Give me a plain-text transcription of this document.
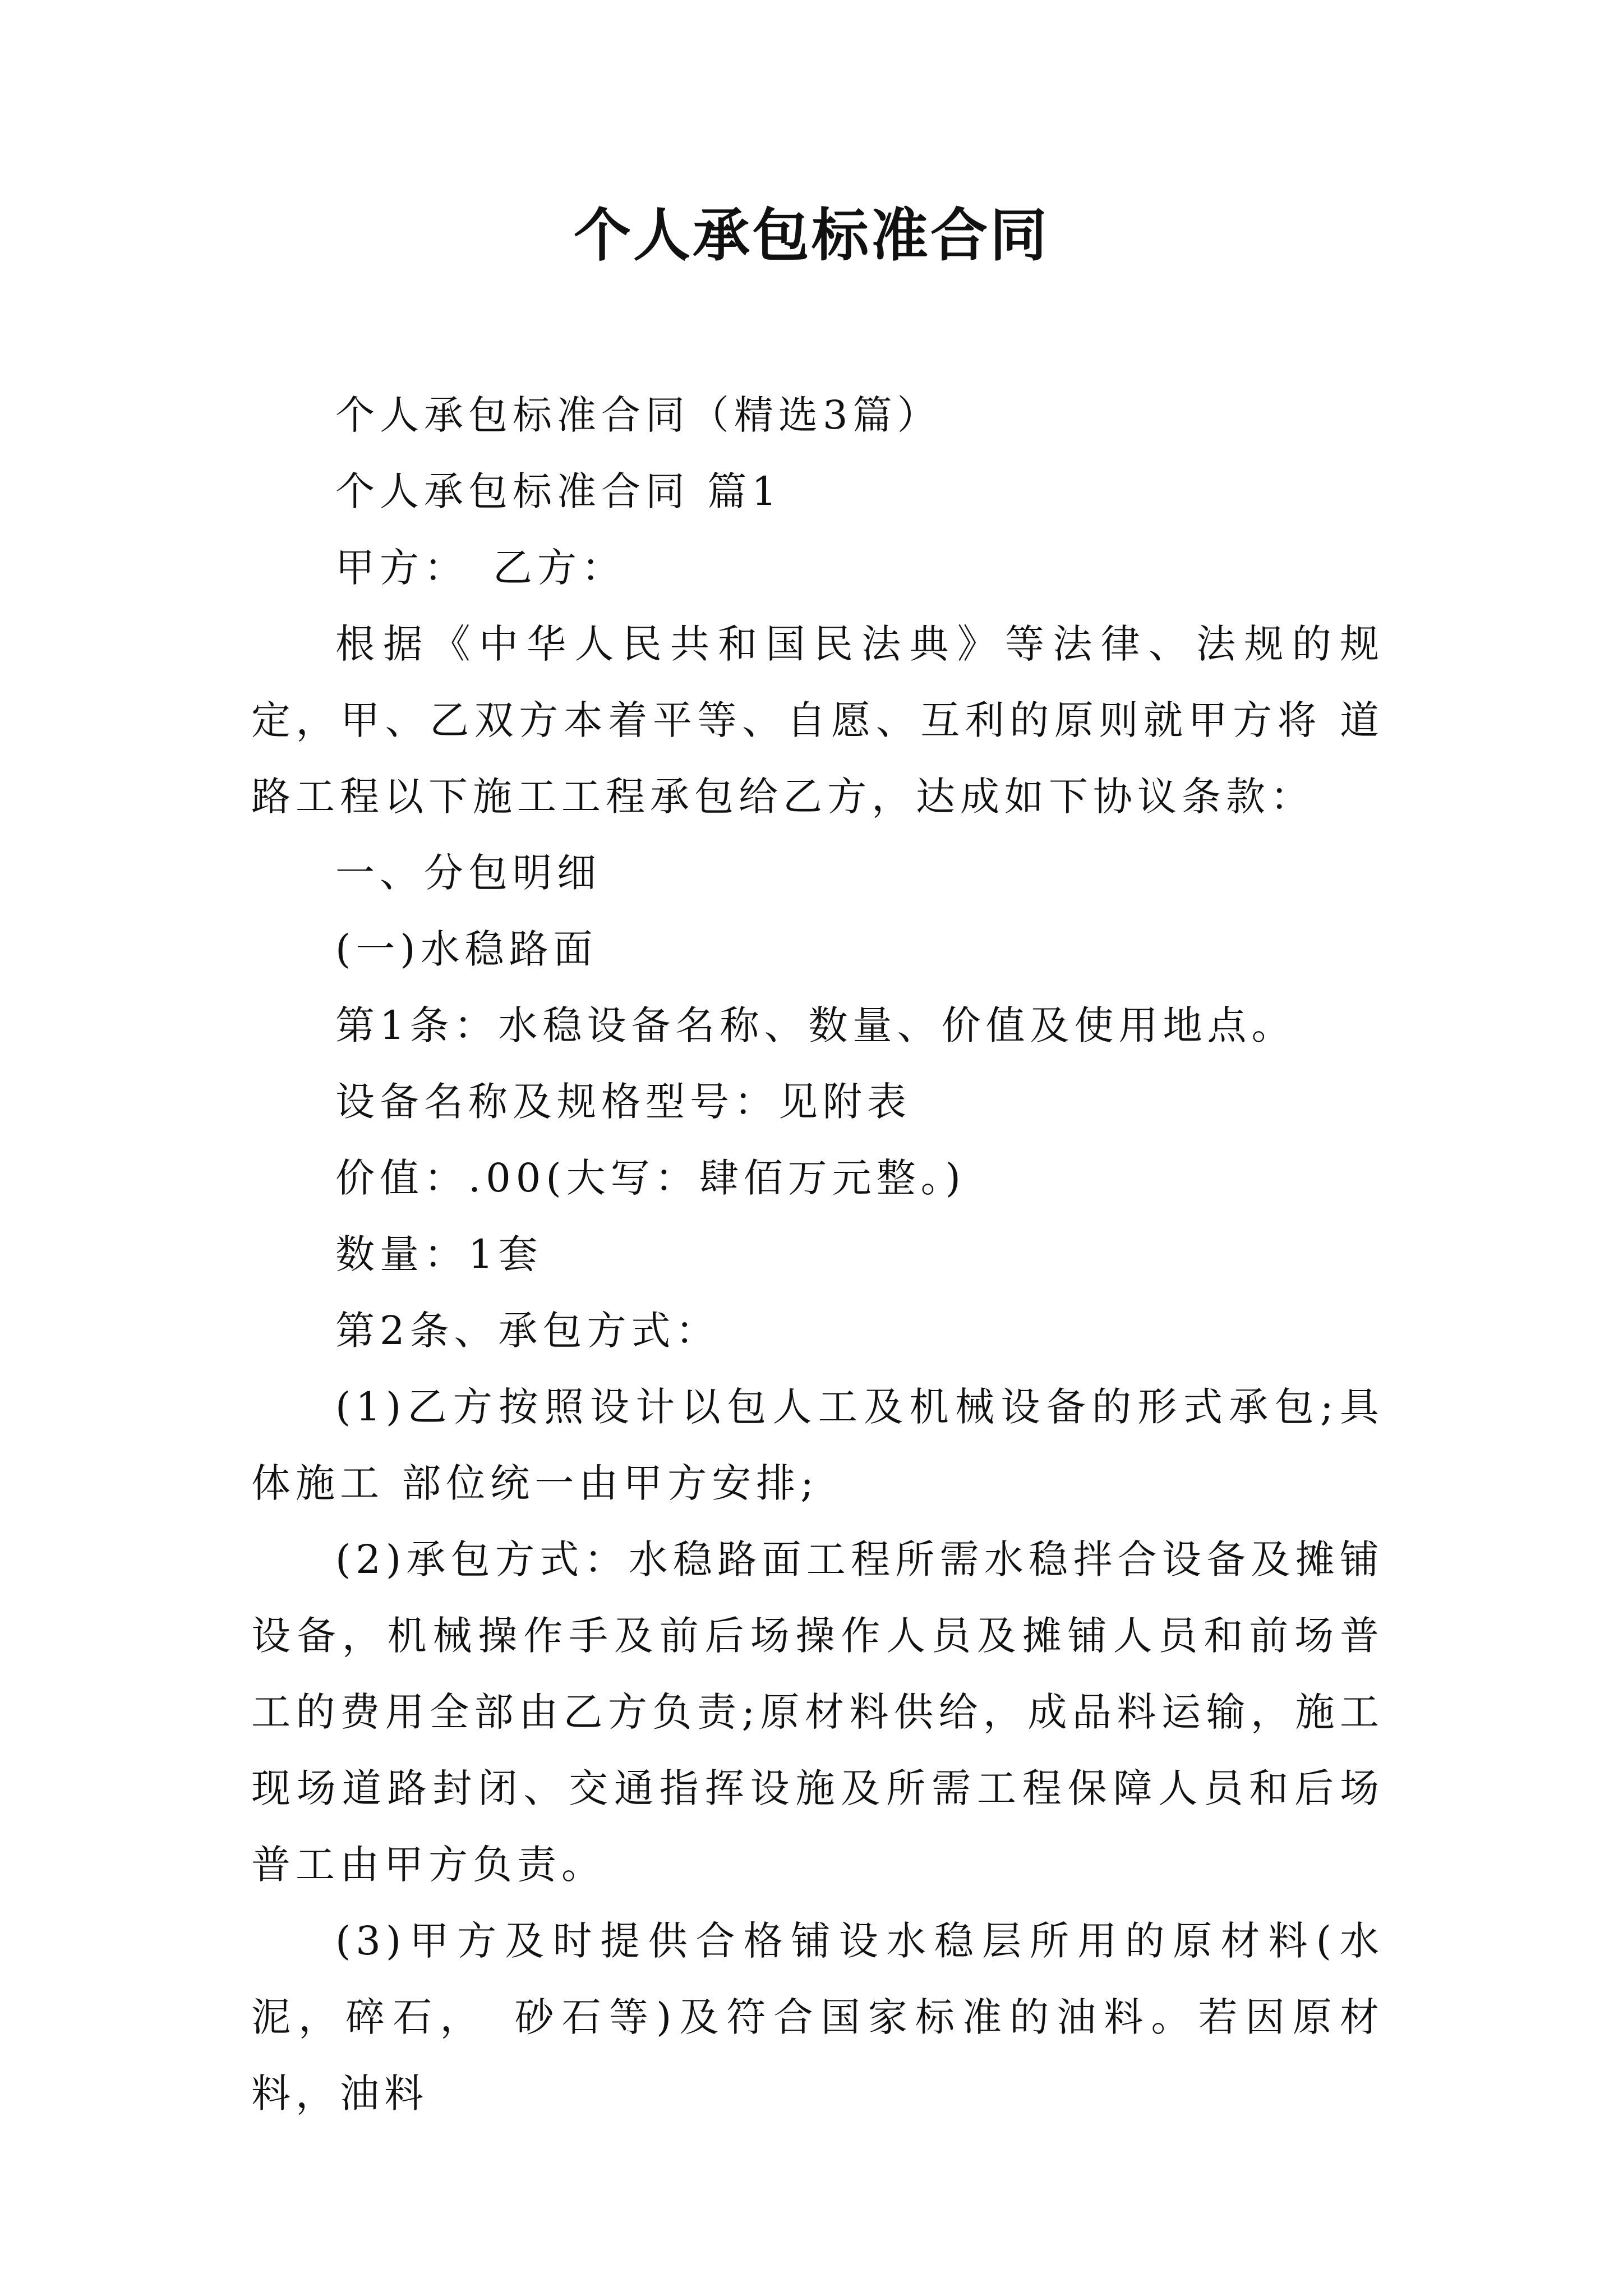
个人承包标准合同

个人承包标准合同（精选3篇）

个人承包标准合同 篇1

甲方：　乙方：

根据《中华人民共和国民法典》等法律、法规的规定，甲、乙双方本着平等、自愿、互利的原则就甲方将 道路工程以下施工工程承包给乙方，达成如下协议条款：

一、分包明细

(一)水稳路面

第1条：水稳设备名称、数量、价值及使用地点。

设备名称及规格型号：见附表

价值：.00(大写：肆佰万元整。)

数量：1套

第2条、承包方式：

(1)乙方按照设计以包人工及机械设备的形式承包;具体施工 部位统一由甲方安排;

(2)承包方式：水稳路面工程所需水稳拌合设备及摊铺设备，机械操作手及前后场操作人员及摊铺人员和前场普工的费用全部由乙方负责;原材料供给，成品料运输，施工现场道路封闭、交通指挥设施及所需工程保障人员和后场普工由甲方负责。

(3)甲方及时提供合格铺设水稳层所用的原材料(水泥，碎石，　砂石等)及符合国家标准的油料。若因原材料，油料
